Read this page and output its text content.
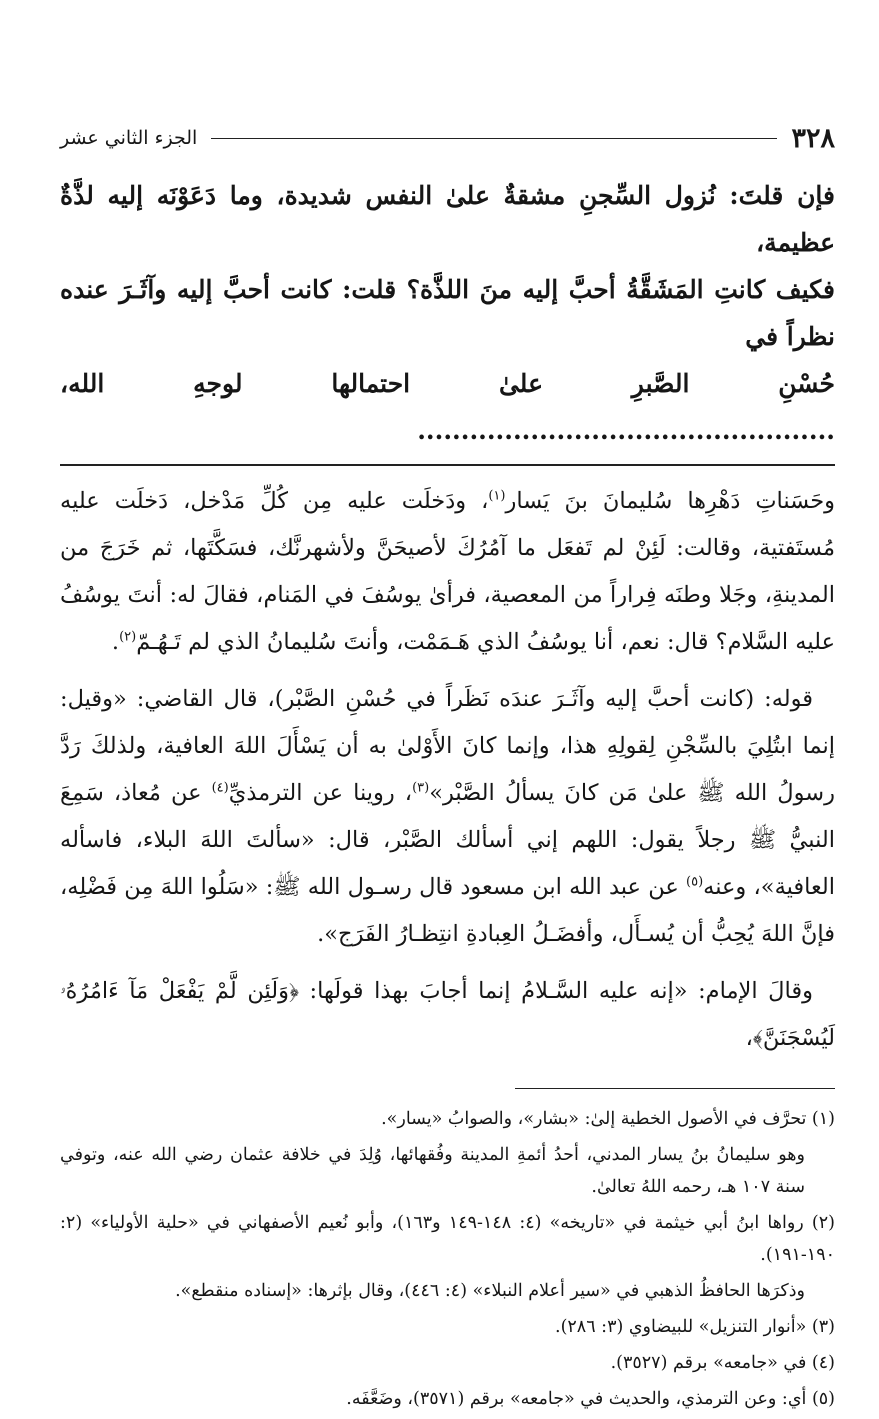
٣٢٨
الجزء الثاني عشر
فإن قلتَ: نُزول السِّجنِ مشقةٌ علىٰ النفس شديدة، وما دَعَوْنَه إليه لذَّةٌ عظيمة،
فكيف كانتِ المَشَقَّةُ أحبَّ إليه منَ اللذَّة؟ قلت: كانت أحبَّ إليه وآثَـرَ عنده نظراً في
حُسْنِ الصَّبرِ علىٰ احتمالها لوجهِ الله، ................................................

وحَسَناتِ دَهْرِها سُليمانَ بنَ يَسار$^{(١)}$، ودَخلَت عليه مِن كُلِّ مَدْخل، دَخلَت عليه مُستَفتية، وقالت: لَئِنْ لم تَفعَل ما آمُرُكَ لأصيحَنَّ ولأشهرنَّك، فسَكَّتَها، ثم خَرَجَ من المدينةِ، وجَلا وطنَه فِراراً من المعصية، فرأىٰ يوسُفَ في المَنام، فقالَ له: أنتَ يوسُفُ عليه السَّلام؟ قال: نعم، أنا يوسُفُ الذي هَـمَمْت، وأنتَ سُليمانُ الذي لم تَـهُـمّ$^{(٢)}$.

قوله: (كانت أحبَّ إليه وآثَـرَ عندَه نَظَراً في حُسْنِ الصَّبْر)، قال القاضي: «وقيل: إنما ابتُلِيَ بالسِّجْنِ لِقولِهِ هذا، وإنما كانَ الأَوْلىٰ به أن يَسْأَلَ اللهَ العافية، ولذلكَ رَدَّ رسولُ الله ﷺ علىٰ مَن كانَ يسألُ الصَّبْر»$^{(٣)}$، روينا عن الترمذيِّ$^{(٤)}$ عن مُعاذ، سَمِعَ النبيُّ ﷺ رجلاً يقول: اللهم إني أسألك الصَّبْر، قال: «سألتَ اللهَ البلاء، فاسأله العافية»، وعنه$^{(٥)}$ عن عبد الله ابن مسعود قال رسـول الله ﷺ: «سَلُوا اللهَ مِن فَضْلِه، فإنَّ اللهَ يُحِبُّ أن يُسـأَل، وأفضَـلُ العِبادةِ انتِظـارُ الفَرَج».

وقالَ الإمام: «إنه عليه السَّـلامُ إنما أجابَ بهذا قولَها: ﴿وَلَئِن لَّمْ يَفْعَلْ مَآ ءَامُرُهُۥ لَيُسْجَنَنَّ﴾،

(١) تحرَّف في الأصول الخطية إلىٰ: «بشار»، والصوابُ «يسار».

وهو سليمانُ بنُ يسار المدني، أحدُ أئمةِ المدينة وفُقهائها، وُلِدَ في خلافة عثمان رضي الله عنه، وتوفي سنة ١٠٧ هـ، رحمه اللهُ تعالىٰ.

(٢) رواها ابنُ أبي خيثمة في «تاريخه» (٤: ١٤٨-١٤٩ و١٦٣)، وأبو نُعيم الأصفهاني في «حلية الأولياء» (٢: ١٩٠-١٩١).

وذكرَها الحافظُ الذهبي في «سير أعلام النبلاء» (٤: ٤٤٦)، وقال بإثرها: «إسناده منقطع».

(٣) «أنوار التنزيل» للبيضاوي (٣: ٢٨٦).

(٤) في «جامعه» برقم (٣٥٢٧).

(٥) أي: وعن الترمذي، والحديث في «جامعه» برقم (٣٥٧١)، وضَعَّفَه.
